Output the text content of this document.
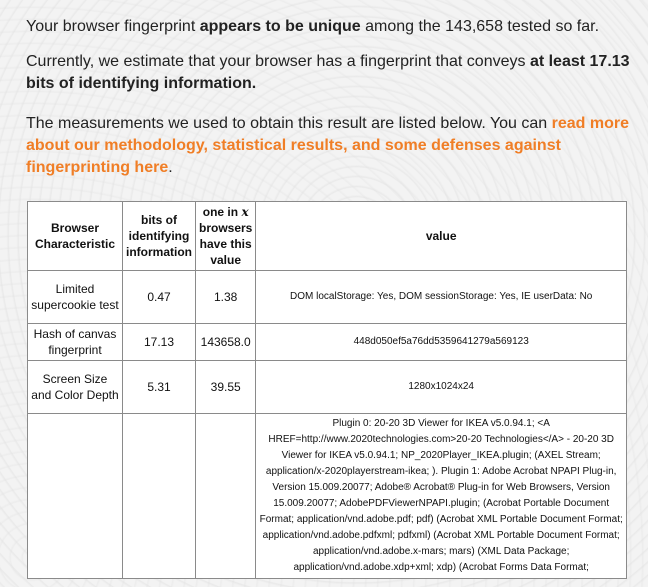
Your browser fingerprint appears to be unique among the 143,658 tested so far.

Currently, we estimate that your browser has a fingerprint that conveys at least 17.13 bits of identifying information.

The measurements we used to obtain this result are listed below. You can read more about our methodology, statistical results, and some defenses against fingerprinting here.

Browser Characteristic	bits of identifying information	one in x browsers have this value	value
Limited supercookie test	0.47	1.38	DOM localStorage: Yes, DOM sessionStorage: Yes, IE userData: No
Hash of canvas fingerprint	17.13	143658.0	448d050ef5a76dd5359641279a569123
Screen Size and Color Depth	5.31	39.55	1280x1024x24
			Plugin 0: 20-20 3D Viewer for IKEA v5.0.94.1; <A HREF=http://www.2020technologies.com>20-20 Technologies</A> - 20-20 3D Viewer for IKEA v5.0.94.1; NP_2020Player_IKEA.plugin; (AXEL Stream; application/x-2020playerstream-ikea; ). Plugin 1: Adobe Acrobat NPAPI Plug-in, Version 15.009.20077; Adobe® Acrobat® Plug-in for Web Browsers, Version 15.009.20077; AdobePDFViewerNPAPI.plugin; (Acrobat Portable Document Format; application/vnd.adobe.pdf; pdf) (Acrobat XML Portable Document Format; application/vnd.adobe.pdfxml; pdfxml) (Acrobat XML Portable Document Format; application/vnd.adobe.x-mars; mars) (XML Data Package; application/vnd.adobe.xdp+xml; xdp) (Acrobat Forms Data Format;
